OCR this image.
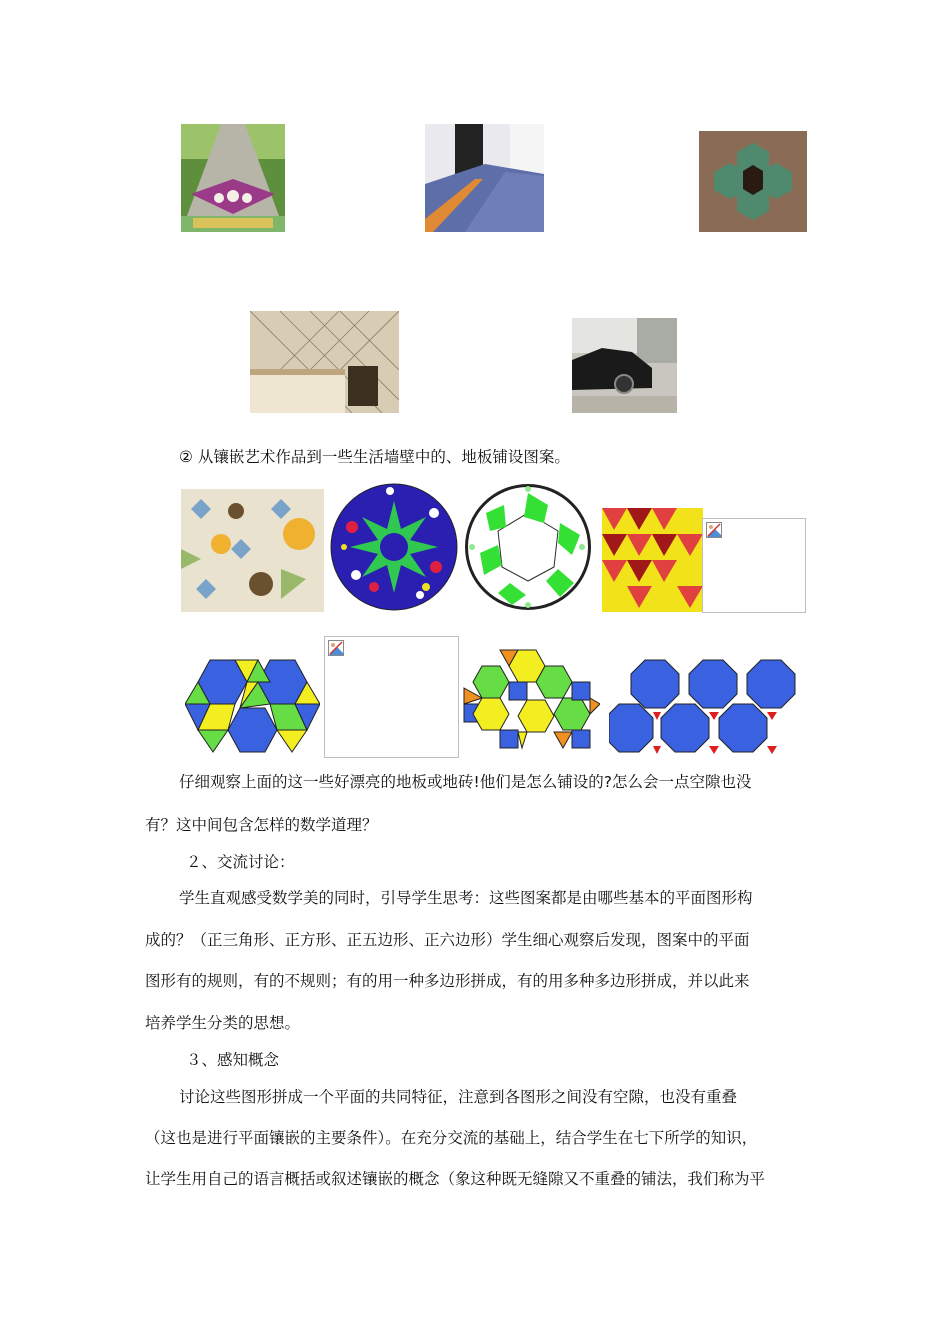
② 从镶嵌艺术作品到一些生活墙壁中的、地板铺设图案。
仔细观察上面的这一些好漂亮的地板或地砖!他们是怎么铺设的?怎么会一点空隙也没
有？这中间包含怎样的数学道理？
２、交流讨论：
学生直观感受数学美的同时，引导学生思考：这些图案都是由哪些基本的平面图形构
成的？（正三角形、正方形、正五边形、正六边形）学生细心观察后发现，图案中的平面
图形有的规则，有的不规则；有的用一种多边形拼成，有的用多种多边形拼成，并以此来
培养学生分类的思想。
３、感知概念
讨论这些图形拼成一个平面的共同特征，注意到各图形之间没有空隙，也没有重叠
（这也是进行平面镶嵌的主要条件）。在充分交流的基础上，结合学生在七下所学的知识，
让学生用自己的语言概括或叙述镶嵌的概念（象这种既无缝隙又不重叠的铺法，我们称为平
